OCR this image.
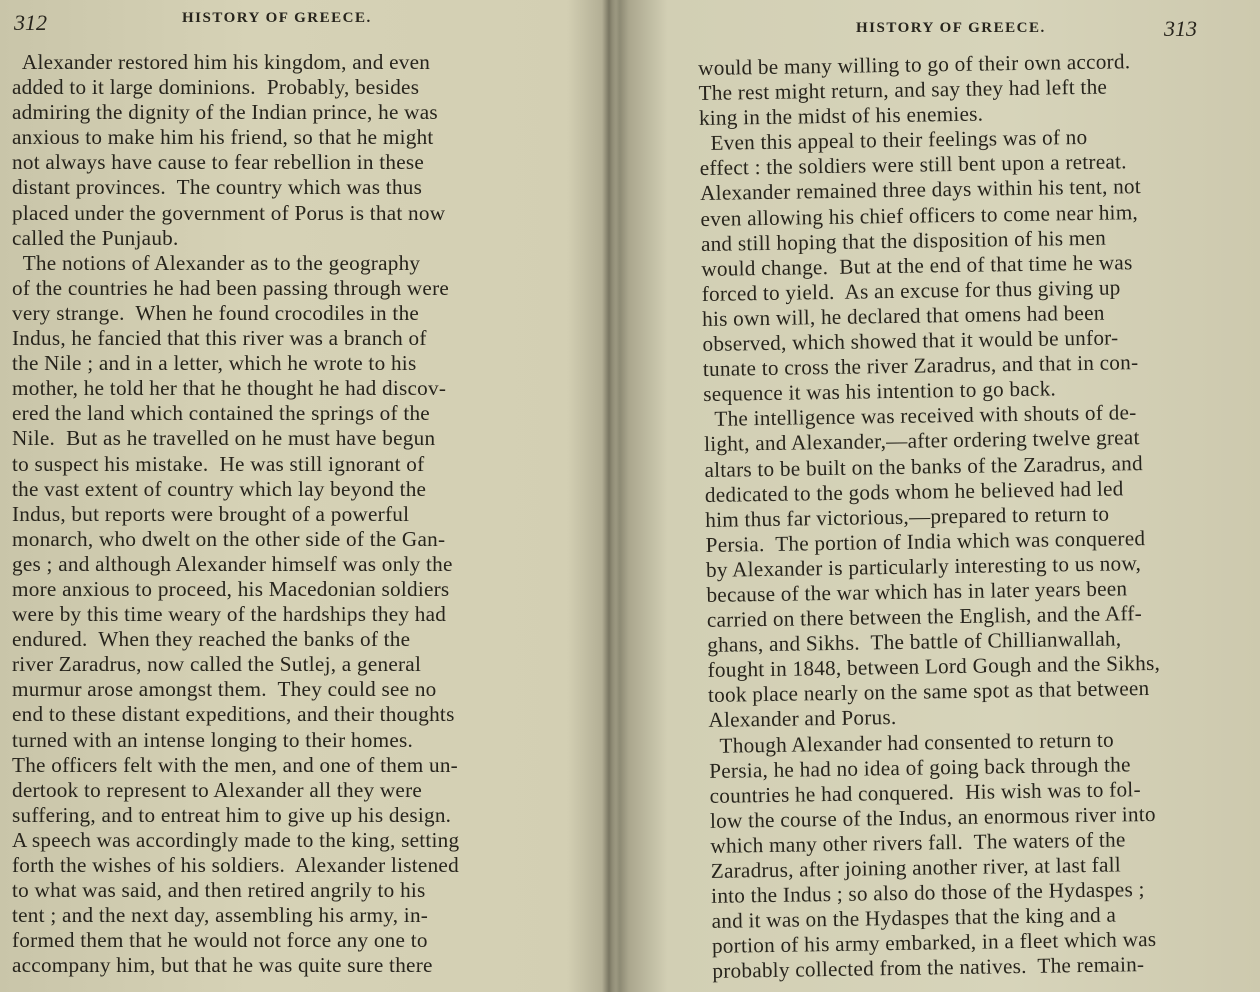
312	HISTORY OF GREECE.
Alexander restored him his kingdom, and even
added to it large dominions.  Probably, besides
admiring the dignity of the Indian prince, he was
anxious to make him his friend, so that he might
not always have cause to fear rebellion in these
distant provinces.  The country which was thus
placed under the government of Porus is that now
called the Punjaub.
The notions of Alexander as to the geography
of the countries he had been passing through were
very strange.  When he found crocodiles in the
Indus, he fancied that this river was a branch of
the Nile ; and in a letter, which he wrote to his
mother, he told her that he thought he had discov-
ered the land which contained the springs of the
Nile.  But as he travelled on he must have begun
to suspect his mistake.  He was still ignorant of
the vast extent of country which lay beyond the
Indus, but reports were brought of a powerful
monarch, who dwelt on the other side of the Gan-
ges ; and although Alexander himself was only the
more anxious to proceed, his Macedonian soldiers
were by this time weary of the hardships they had
endured.  When they reached the banks of the
river Zaradrus, now called the Sutlej, a general
murmur arose amongst them.  They could see no
end to these distant expeditions, and their thoughts
turned with an intense longing to their homes.
The officers felt with the men, and one of them un-
dertook to represent to Alexander all they were
suffering, and to entreat him to give up his design.
A speech was accordingly made to the king, setting
forth the wishes of his soldiers.  Alexander listened
to what was said, and then retired angrily to his
tent ; and the next day, assembling his army, in-
formed them that he would not force any one to
accompany him, but that he was quite sure there
HISTORY OF GREECE.	313
would be many willing to go of their own accord.
The rest might return, and say they had left the
king in the midst of his enemies.
Even this appeal to their feelings was of no
effect : the soldiers were still bent upon a retreat.
Alexander remained three days within his tent, not
even allowing his chief officers to come near him,
and still hoping that the disposition of his men
would change.  But at the end of that time he was
forced to yield.  As an excuse for thus giving up
his own will, he declared that omens had been
observed, which showed that it would be unfor-
tunate to cross the river Zaradrus, and that in con-
sequence it was his intention to go back.
The intelligence was received with shouts of de-
light, and Alexander,—after ordering twelve great
altars to be built on the banks of the Zaradrus, and
dedicated to the gods whom he believed had led
him thus far victorious,—prepared to return to
Persia.  The portion of India which was conquered
by Alexander is particularly interesting to us now,
because of the war which has in later years been
carried on there between the English, and the Aff-
ghans, and Sikhs.  The battle of Chillianwallah,
fought in 1848, between Lord Gough and the Sikhs,
took place nearly on the same spot as that between
Alexander and Porus.
Though Alexander had consented to return to
Persia, he had no idea of going back through the
countries he had conquered.  His wish was to fol-
low the course of the Indus, an enormous river into
which many other rivers fall.  The waters of the
Zaradrus, after joining another river, at last fall
into the Indus ; so also do those of the Hydaspes ;
and it was on the Hydaspes that the king and a
portion of his army embarked, in a fleet which was
probably collected from the natives.  The remain-
